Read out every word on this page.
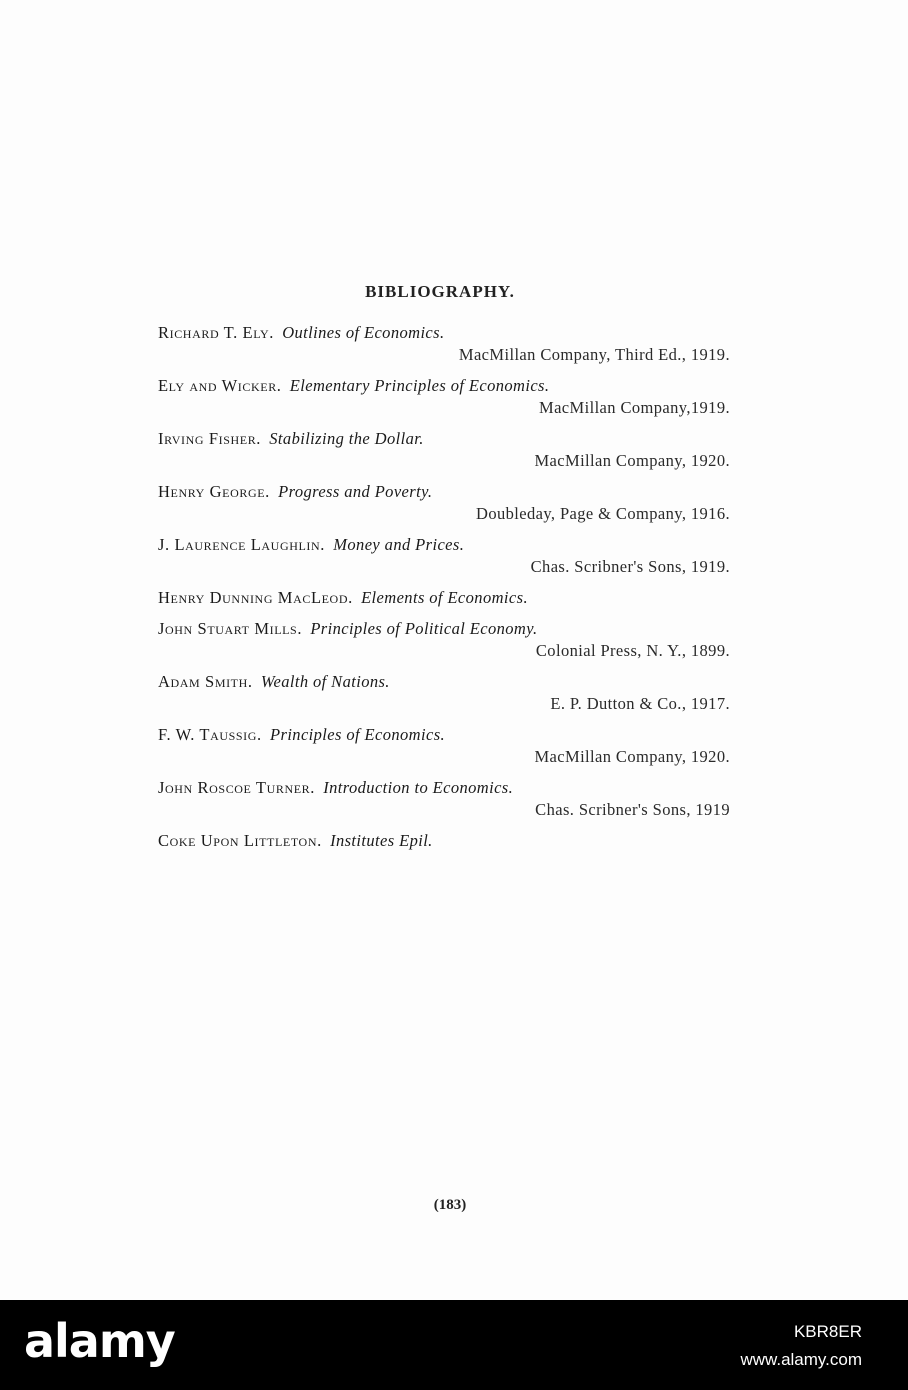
BIBLIOGRAPHY.
Richard T. Ely. Outlines of Economics.
MacMillan Company, Third Ed., 1919.
Ely and Wicker. Elementary Principles of Economics.
MacMillan Company,1919.
Irving Fisher. Stabilizing the Dollar.
MacMillan Company, 1920.
Henry George. Progress and Poverty.
Doubleday, Page & Company, 1916.
J. Laurence Laughlin. Money and Prices.
Chas. Scribner's Sons, 1919.
Henry Dunning MacLeod. Elements of Economics.
John Stuart Mills. Principles of Political Economy.
Colonial Press, N. Y., 1899.
Adam Smith. Wealth of Nations.
E. P. Dutton & Co., 1917.
F. W. Taussig. Principles of Economics.
MacMillan Company, 1920.
John Roscoe Turner. Introduction to Economics.
Chas. Scribner's Sons, 1919
Coke Upon Littleton. Institutes Epil.
(183)
alamy	KBR8ER
www.alamy.com
